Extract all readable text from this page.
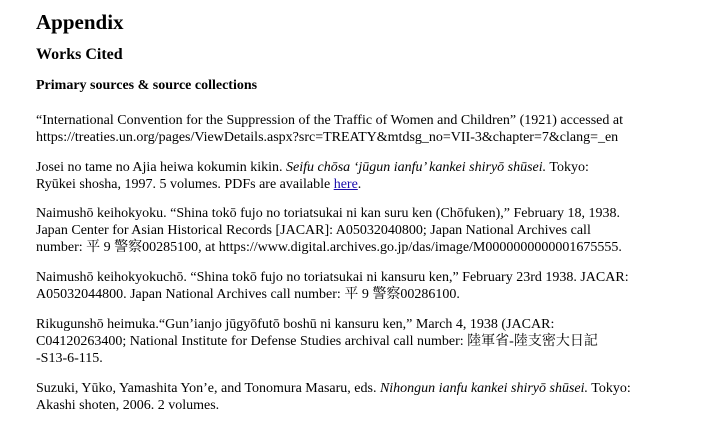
Appendix
Works Cited
Primary sources & source collections
“International Convention for the Suppression of the Traffic of Women and Children” (1921) accessed at
https://treaties.un.org/pages/ViewDetails.aspx?src=TREATY&mtdsg_no=VII-3&chapter=7&clang=_en
Josei no tame no Ajia heiwa kokumin kikin. Seifu chōsa ‘jūgun ianfu’ kankei shiryō shūsei. Tokyo:
Ryūkei shosha, 1997. 5 volumes. PDFs are available here.
Naimushō keihokyoku. “Shina tokō fujo no toriatsukai ni kan suru ken (Chōfuken),” February 18, 1938.
Japan Center for Asian Historical Records [JACAR]: A05032040800; Japan National Archives call
number: 平 9 警察00285100, at https://www.digital.archives.go.jp/das/image/M0000000000001675555.
Naimushō keihokyokuchō. “Shina tokō fujo no toriatsukai ni kansuru ken,” February 23rd 1938. JACAR:
A05032044800. Japan National Archives call number: 平 9 警察00286100.
Rikugunshō heimuka.“Gun’ianjo jūgyōfutō boshū ni kansuru ken,” March 4, 1938 (JACAR:
C04120263400; National Institute for Defense Studies archival call number: 陸軍省-陸支密大日記
-S13-6-115.
Suzuki, Yūko, Yamashita Yon’e, and Tonomura Masaru, eds. Nihongun ianfu kankei shiryō shūsei. Tokyo:
Akashi shoten, 2006. 2 volumes.
